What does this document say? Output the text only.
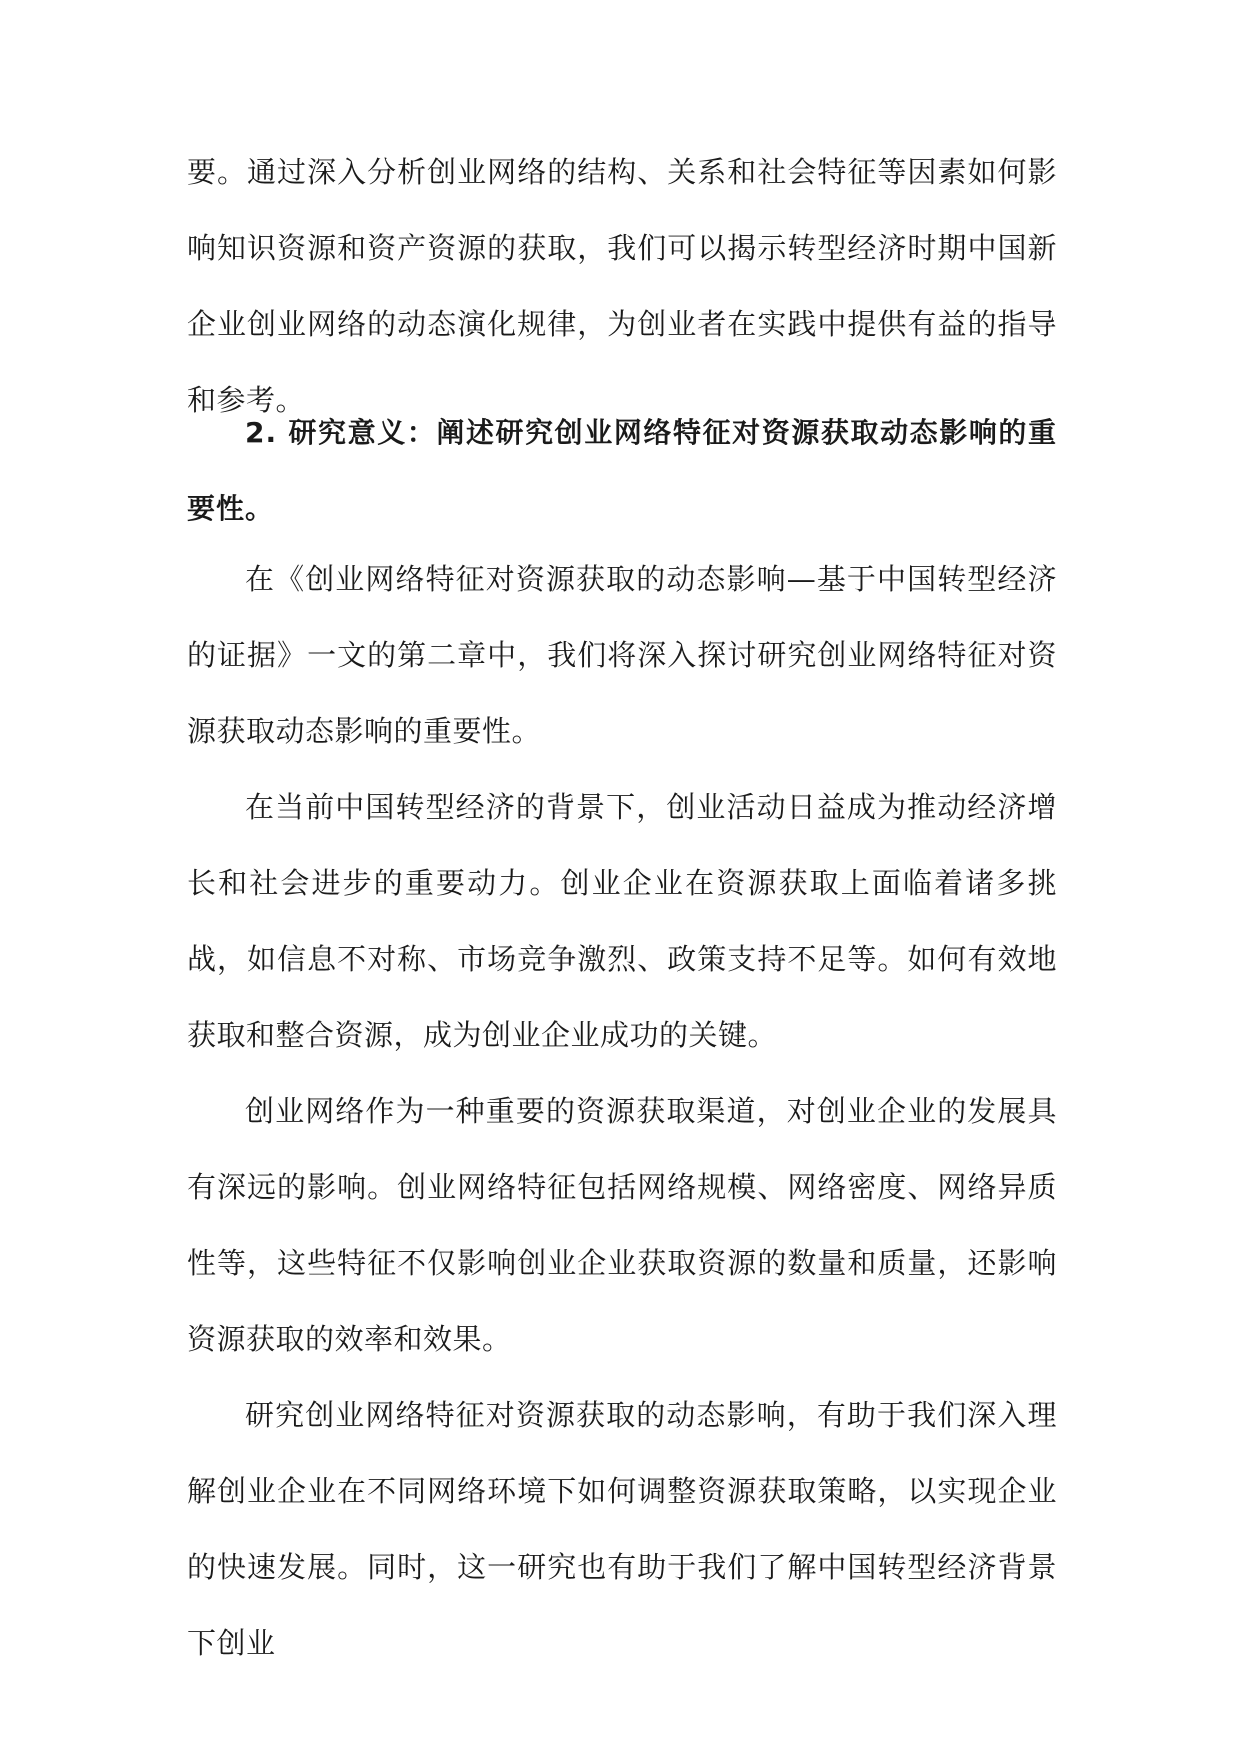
要。通过深入分析创业网络的结构、关系和社会特征等因素如何影响知识资源和资产资源的获取，我们可以揭示转型经济时期中国新企业创业网络的动态演化规律，为创业者在实践中提供有益的指导和参考。

2. 研究意义：阐述研究创业网络特征对资源获取动态影响的重要性。

在《创业网络特征对资源获取的动态影响—基于中国转型经济的证据》一文的第二章中，我们将深入探讨研究创业网络特征对资源获取动态影响的重要性。

在当前中国转型经济的背景下，创业活动日益成为推动经济增长和社会进步的重要动力。创业企业在资源获取上面临着诸多挑战，如信息不对称、市场竞争激烈、政策支持不足等。如何有效地获取和整合资源，成为创业企业成功的关键。

创业网络作为一种重要的资源获取渠道，对创业企业的发展具有深远的影响。创业网络特征包括网络规模、网络密度、网络异质性等，这些特征不仅影响创业企业获取资源的数量和质量，还影响资源获取的效率和效果。

研究创业网络特征对资源获取的动态影响，有助于我们深入理解创业企业在不同网络环境下如何调整资源获取策略，以实现企业的快速发展。同时，这一研究也有助于我们了解中国转型经济背景下创业
